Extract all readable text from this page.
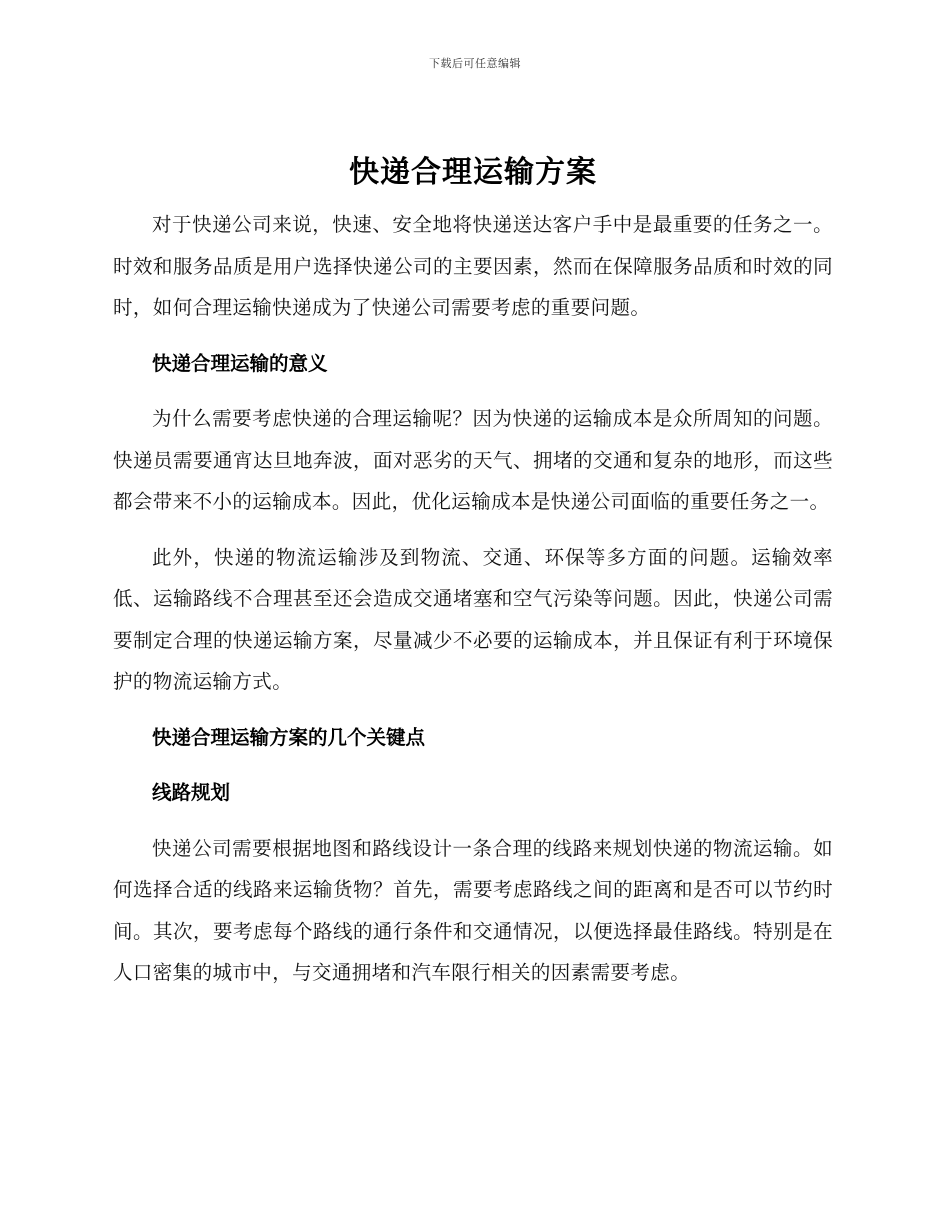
下载后可任意编辑
快递合理运输方案

对于快递公司来说，快速、安全地将快递送达客户手中是最重要的任务之一。时效和服务品质是用户选择快递公司的主要因素，然而在保障服务品质和时效的同时，如何合理运输快递成为了快递公司需要考虑的重要问题。

快递合理运输的意义

为什么需要考虑快递的合理运输呢？因为快递的运输成本是众所周知的问题。快递员需要通宵达旦地奔波，面对恶劣的天气、拥堵的交通和复杂的地形，而这些都会带来不小的运输成本。因此，优化运输成本是快递公司面临的重要任务之一。

此外，快递的物流运输涉及到物流、交通、环保等多方面的问题。运输效率低、运输路线不合理甚至还会造成交通堵塞和空气污染等问题。因此，快递公司需要制定合理的快递运输方案，尽量减少不必要的运输成本，并且保证有利于环境保护的物流运输方式。

快递合理运输方案的几个关键点
线路规划

快递公司需要根据地图和路线设计一条合理的线路来规划快递的物流运输。如何选择合适的线路来运输货物？首先，需要考虑路线之间的距离和是否可以节约时间。其次，要考虑每个路线的通行条件和交通情况，以便选择最佳路线。特别是在人口密集的城市中，与交通拥堵和汽车限行相关的因素需要考虑。
